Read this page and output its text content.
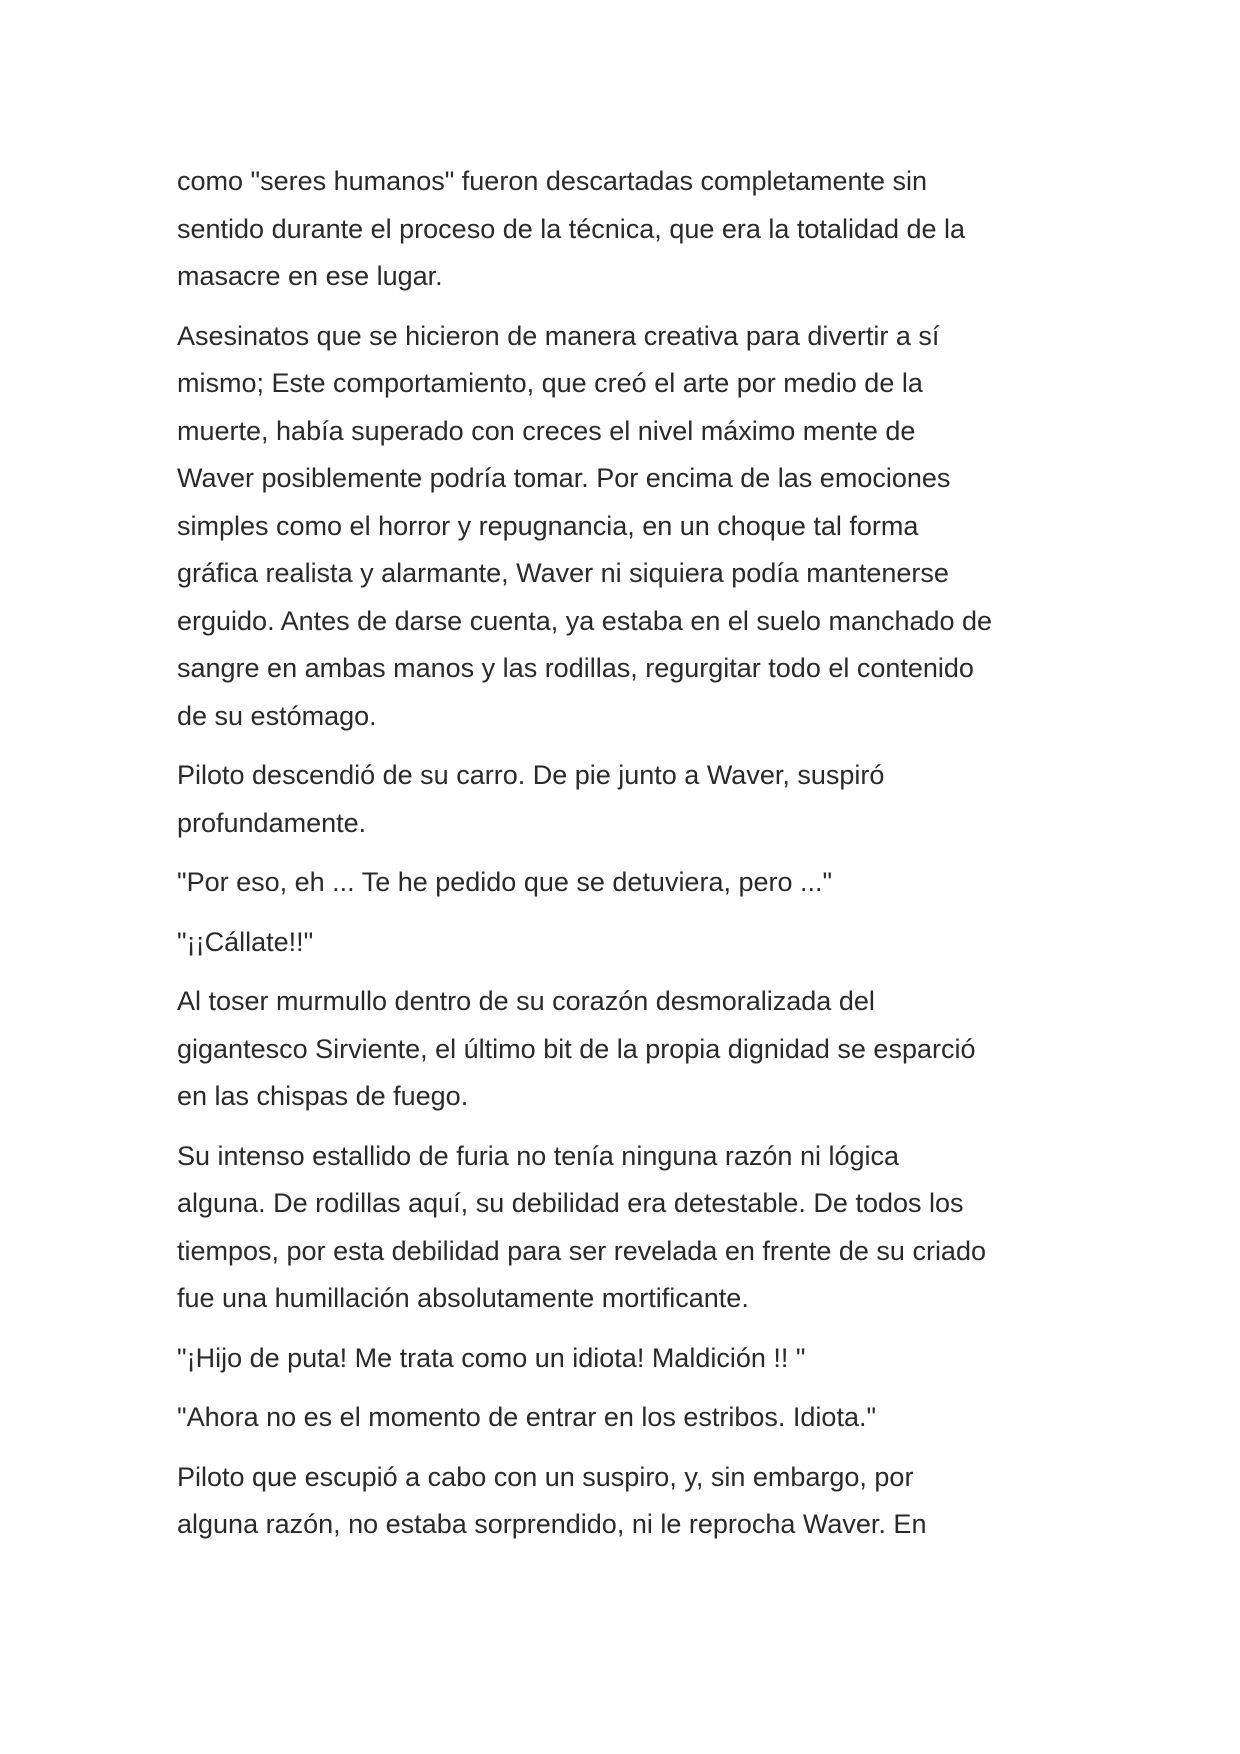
como "seres humanos" fueron descartadas completamente sin
sentido durante el proceso de la técnica, que era la totalidad de la
masacre en ese lugar.

Asesinatos que se hicieron de manera creativa para divertir a sí
mismo; Este comportamiento, que creó el arte por medio de la
muerte, había superado con creces el nivel máximo mente de
Waver posiblemente podría tomar. Por encima de las emociones
simples como el horror y repugnancia, en un choque tal forma
gráfica realista y alarmante, Waver ni siquiera podía mantenerse
erguido. Antes de darse cuenta, ya estaba en el suelo manchado de
sangre en ambas manos y las rodillas, regurgitar todo el contenido
de su estómago.

Piloto descendió de su carro. De pie junto a Waver, suspiró
profundamente.

"Por eso, eh ... Te he pedido que se detuviera, pero ..."

"¡¡Cállate!!"

Al toser murmullo dentro de su corazón desmoralizada del
gigantesco Sirviente, el último bit de la propia dignidad se esparció
en las chispas de fuego.

Su intenso estallido de furia no tenía ninguna razón ni lógica
alguna. De rodillas aquí, su debilidad era detestable. De todos los
tiempos, por esta debilidad para ser revelada en frente de su criado
fue una humillación absolutamente mortificante.

"¡Hijo de puta! Me trata como un idiota! Maldición !! "

"Ahora no es el momento de entrar en los estribos. Idiota."

Piloto que escupió a cabo con un suspiro, y, sin embargo, por
alguna razón, no estaba sorprendido, ni le reprocha Waver. En
